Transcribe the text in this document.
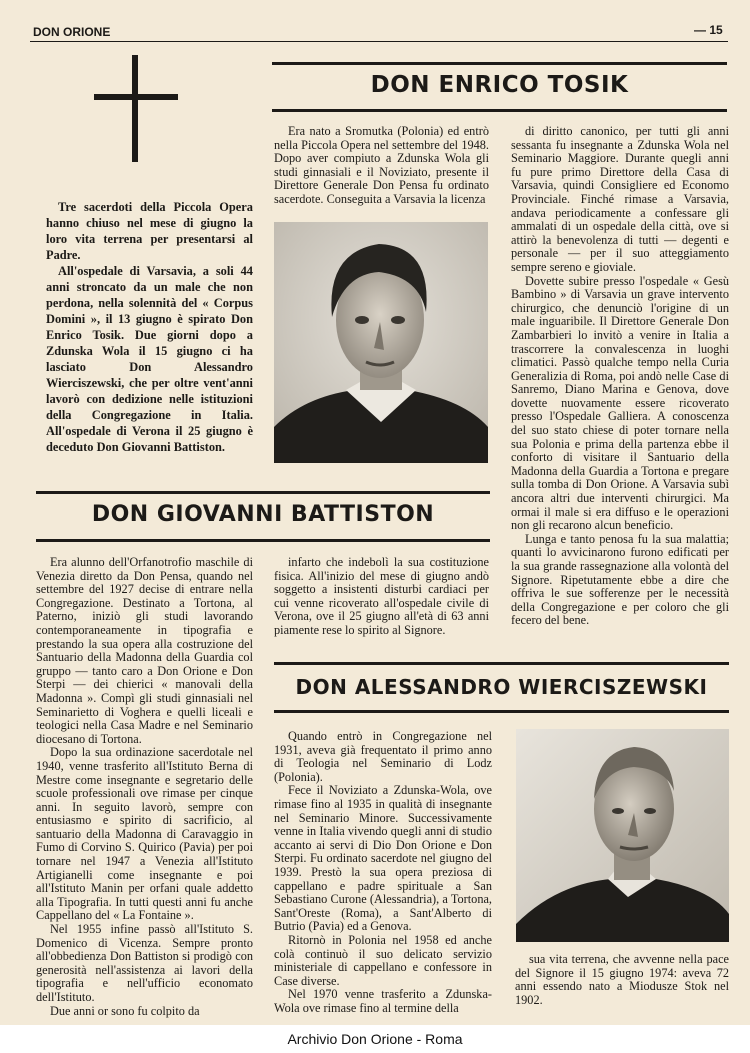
DON ORIONE	— 15

Tre sacerdoti della Piccola Opera hanno chiuso nel mese di giugno la loro vita terrena per presentarsi al Padre.

All'ospedale di Varsavia, a soli 44 anni stroncato da un male che non perdona, nella solennità del « Corpus Domini », il 13 giugno è spirato Don Enrico Tosik. Due giorni dopo a Zdunska Wola il 15 giugno ci ha lasciato Don Alessandro Wierciszewski, che per oltre vent'anni lavorò con dedizione nelle istituzioni della Congregazione in Italia. All'ospedale di Verona il 25 giugno è deceduto Don Giovanni Battiston.

DON ENRICO TOSIK

Era nato a Sromutka (Polonia) ed entrò nella Piccola Opera nel settembre del 1948. Dopo aver compiuto a Zdunska Wola gli studi ginnasiali e il Noviziato, presente il Direttore Generale Don Pensa fu ordinato sacerdote. Conseguita a Varsavia la licenza

di diritto canonico, per tutti gli anni sessanta fu insegnante a Zdunska Wola nel Seminario Maggiore. Durante quegli anni fu pure primo Direttore della Casa di Varsavia, quindi Consigliere ed Economo Provinciale. Finché rimase a Varsavia, andava periodicamente a confessare gli ammalati di un ospedale della città, ove si attirò la benevolenza di tutti — degenti e personale — per il suo atteggiamento sempre sereno e gioviale.

Dovette subire presso l'ospedale « Gesù Bambino » di Varsavia un grave intervento chirurgico, che denunciò l'origine di un male inguaribile. Il Direttore Generale Don Zambarbieri lo invitò a venire in Italia a trascorrere la convalescenza in luoghi climatici. Passò qualche tempo nella Curia Generalizia di Roma, poi andò nelle Case di Sanremo, Diano Marina e Genova, dove dovette nuovamente essere ricoverato presso l'Ospedale Galliera. A conoscenza del suo stato chiese di poter tornare nella sua Polonia e prima della partenza ebbe il conforto di visitare il Santuario della Madonna della Guardia a Tortona e pregare sulla tomba di Don Orione. A Varsavia subì ancora altri due interventi chirurgici. Ma ormai il male si era diffuso e le operazioni non gli recarono alcun beneficio.

Lunga e tanto penosa fu la sua malattia; quanti lo avvicinarono furono edificati per la sua grande rassegnazione alla volontà del Signore. Ripetutamente ebbe a dire che offriva le sue sofferenze per le necessità della Congregazione e per coloro che gli fecero del bene.

DON GIOVANNI BATTISTON

Era alunno dell'Orfanotrofio maschile di Venezia diretto da Don Pensa, quando nel settembre del 1927 decise di entrare nella Congregazione. Destinato a Tortona, al Paterno, iniziò gli studi lavorando contemporaneamente in tipografia e prestando la sua opera alla costruzione del Santuario della Madonna della Guardia col gruppo — tanto caro a Don Orione e Don Sterpi — dei chierici « manovali della Madonna ». Compì gli studi ginnasiali nel Seminarietto di Voghera e quelli liceali e teologici nella Casa Madre e nel Seminario diocesano di Tortona.

Dopo la sua ordinazione sacerdotale nel 1940, venne trasferito all'Istituto Berna di Mestre come insegnante e segretario delle scuole professionali ove rimase per cinque anni. In seguito lavorò, sempre con entusiasmo e spirito di sacrificio, al santuario della Madonna di Caravaggio in Fumo di Corvino S. Quirico (Pavia) per poi tornare nel 1947 a Venezia all'Istituto Artigianelli come insegnante e poi all'Istituto Manin per orfani quale addetto alla Tipografia. In tutti questi anni fu anche Cappellano del « La Fontaine ».

Nel 1955 infine passò all'Istituto S. Domenico di Vicenza. Sempre pronto all'obbedienza Don Battiston si prodigò con generosità nell'assistenza ai lavori della tipografia e nell'ufficio economato dell'Istituto.

Due anni or sono fu colpito da

infarto che indebolì la sua costituzione fisica. All'inizio del mese di giugno andò soggetto a insistenti disturbi cardiaci per cui venne ricoverato all'ospedale civile di Verona, ove il 25 giugno all'età di 63 anni piamente rese lo spirito al Signore.

DON ALESSANDRO WIERCISZEWSKI

Quando entrò in Congregazione nel 1931, aveva già frequentato il primo anno di Teologia nel Seminario di Lodz (Polonia).

Fece il Noviziato a Zdunska-Wola, ove rimase fino al 1935 in qualità di insegnante nel Seminario Minore. Successivamente venne in Italia vivendo quegli anni di studio accanto ai servi di Dio Don Orione e Don Sterpi. Fu ordinato sacerdote nel giugno del 1939. Prestò la sua opera preziosa di cappellano e padre spirituale a San Sebastiano Curone (Alessandria), a Tortona, Sant'Oreste (Roma), a Sant'Alberto di Butrio (Pavia) ed a Genova.

Ritornò in Polonia nel 1958 ed anche colà continuò il suo delicato servizio ministeriale di cappellano e confessore in Case diverse.

Nel 1970 venne trasferito a Zdunska-Wola ove rimase fino al termine della

sua vita terrena, che avvenne nella pace del Signore il 15 giugno 1974: aveva 72 anni essendo nato a Miodusze Stok nel 1902.

Archivio Don Orione - Roma
